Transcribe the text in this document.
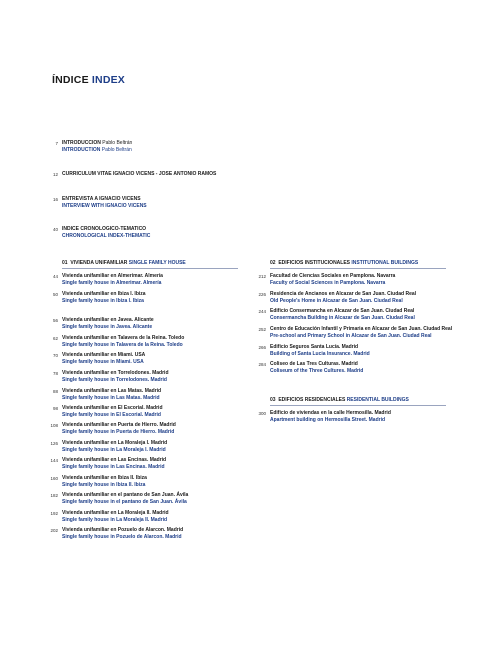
ÍNDICE INDEX
7 INTRODUCCION Pablo Beltrán
INTRODUCTION Pablo Beltrán
12 CURRICULUM VITAE IGNACIO VICENS - JOSE ANTONIO RAMOS
16 ENTREVISTA A IGNACIO VICENS
INTERVIEW WITH IGNACIO VICENS
40 INDICE CRONOLOGICO-TEMATICO
CHRONOLOGICAL INDEX-THEMATIC
01 VIVIENDA UNIFAMILIAR SINGLE FAMILY HOUSE
44 Vivienda unifamiliar en Almerimar. Almería
Single family house in Almerimar. Almería
50 Vivienda unifamiliar en Ibiza I. Ibiza
Single family house in Ibiza I. Ibiza
56 Vivienda unifamiliar en Javea. Alicante
Single family house in Javea. Alicante
62 Vivienda unifamiliar en Talavera de la Reina. Toledo
Single family house in Talavera de la Reina. Toledo
70 Vivienda unifamiliar en Miami. USA
Single family house in Miami. USA
78 Vivienda unifamiliar en Torrelodones. Madrid
Single family house in Torrelodones. Madrid
88 Vivienda unifamiliar en Las Matas. Madrid
Single family house in Las Matas. Madrid
98 Vivienda unifamiliar en El Escorial. Madrid
Single family house in El Escorial. Madrid
108 Vivienda unifamiliar en Puerta de Hierro. Madrid
Single family house in Puerta de Hierro. Madrid
126 Vivienda unifamiliar en La Moraleja I. Madrid
Single family house in La Moraleja I. Madrid
144 Vivienda unifamiliar en Las Encinas. Madrid
Single family house in Las Encinas. Madrid
160 Vivienda unifamiliar en Ibiza II. Ibiza
Single family house in Ibiza II. Ibiza
182 Vivienda unifamiliar en el pantano de San Juan. Ávila
Single family house in el pantano de San Juan. Ávila
192 Vivienda unifamiliar en La Moraleja II. Madrid
Single family house in La Moraleja II. Madrid
202 Vivienda unifamiliar en Pozuelo de Alarcon. Madrid
Single family house in Pozuelo de Alarcon. Madrid
02 EDIFICIOS INSTITUCIONALES INSTITUTIONAL BUILDINGS
212 Facultad de Ciencias Sociales en Pamplona. Navarra
Faculty of Social Sciences in Pamplona. Navarra
226 Residencia de Ancianos en Alcazar de San Juan. Ciudad Real
Old People's Home in Alcazar de San Juan. Ciudad Real
244 Edificio Consermancha en Alcazar de San Juan. Ciudad Real
Consermancha Building in Alcazar de San Juan. Ciudad Real
252 Centro de Educación Infantil y Primaria en Alcazar de San Juan. Ciudad Real
Pre-school and Primary School in Alcazar de San Juan. Ciudad Real
266 Edificio Seguros Santa Lucía. Madrid
Building of Santa Lucia Insurance. Madrid
284 Coliseo de Las Tres Culturas. Madrid
Coliseum of the Three Cultures. Madrid
03 EDIFICIOS RESIDENCIALES RESIDENTIAL BUILDINGS
300 Edificio de viviendas en la calle Hermosilla. Madrid
Apartment building on Hermosilla Street. Madrid
